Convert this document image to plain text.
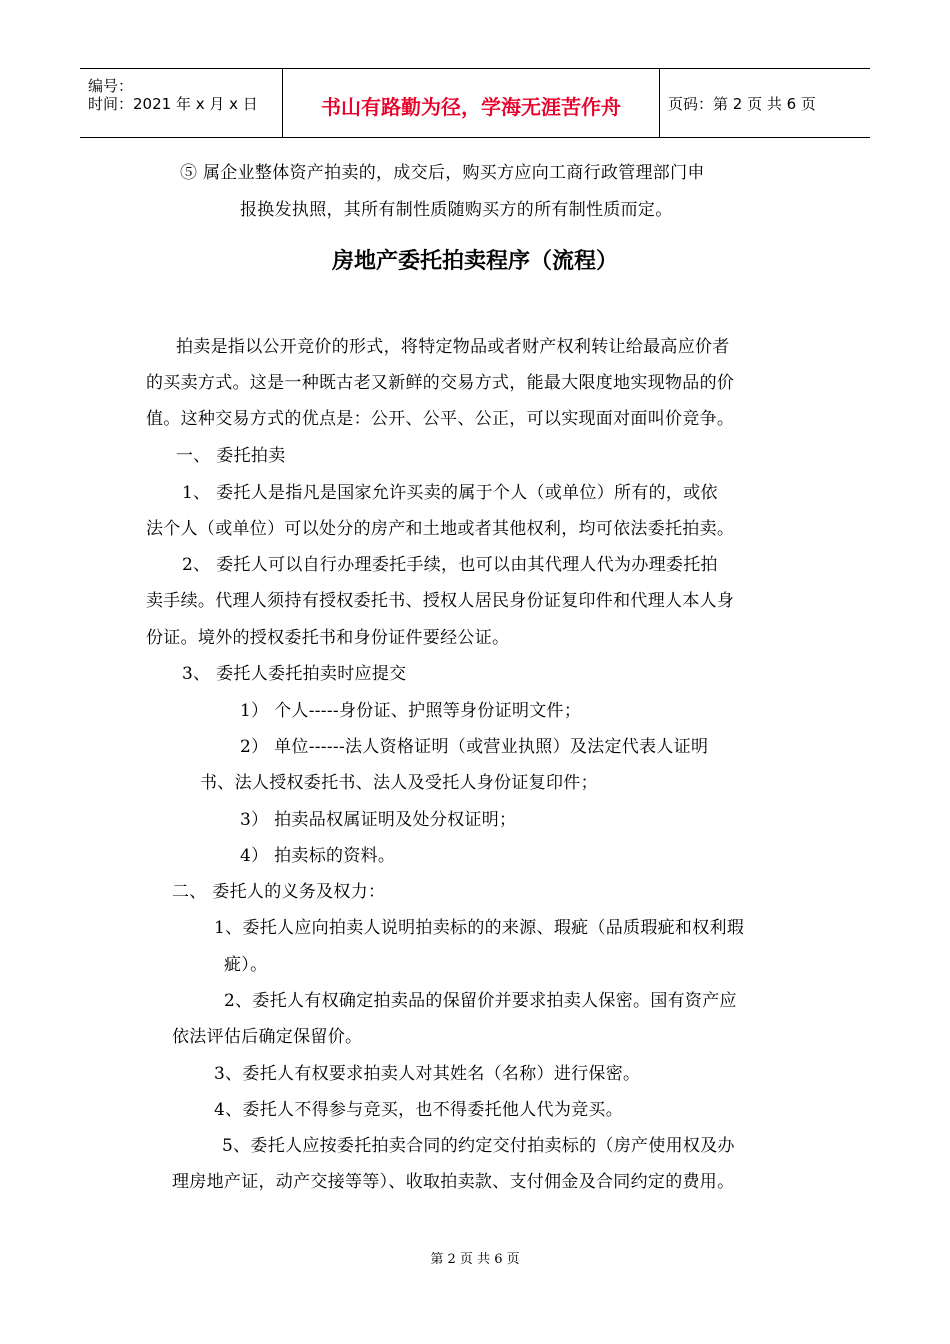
编号：
时间：2021 年 x 月 x 日	书山有路勤为径，学海无涯苦作舟	页码：第 2 页 共 6 页
⑤ 属企业整体资产拍卖的，成交后，购买方应向工商行政管理部门申
报换发执照，其所有制性质随购买方的所有制性质而定。
房地产委托拍卖程序（流程）
拍卖是指以公开竞价的形式，将特定物品或者财产权利转让给最高应价者
的买卖方式。这是一种既古老又新鲜的交易方式，能最大限度地实现物品的价
值。这种交易方式的优点是：公开、公平、公正，可以实现面对面叫价竞争。
一、 委托拍卖
1、 委托人是指凡是国家允许买卖的属于个人（或单位）所有的，或依
法个人（或单位）可以处分的房产和土地或者其他权利，均可依法委托拍卖。
2、 委托人可以自行办理委托手续，也可以由其代理人代为办理委托拍
卖手续。代理人须持有授权委托书、授权人居民身份证复印件和代理人本人身
份证。境外的授权委托书和身份证件要经公证。
3、 委托人委托拍卖时应提交
1） 个人-----身份证、护照等身份证明文件；
2） 单位------法人资格证明（或营业执照）及法定代表人证明
书、法人授权委托书、法人及受托人身份证复印件；
3） 拍卖品权属证明及处分权证明；
4） 拍卖标的资料。
二、 委托人的义务及权力：
1、委托人应向拍卖人说明拍卖标的的来源、瑕疵（品质瑕疵和权利瑕
疵）。
2、委托人有权确定拍卖品的保留价并要求拍卖人保密。国有资产应
依法评估后确定保留价。
3、委托人有权要求拍卖人对其姓名（名称）进行保密。
4、委托人不得参与竞买，也不得委托他人代为竞买。
5、委托人应按委托拍卖合同的约定交付拍卖标的（房产使用权及办
理房地产证，动产交接等等）、收取拍卖款、支付佣金及合同约定的费用。
第 2 页 共 6 页
